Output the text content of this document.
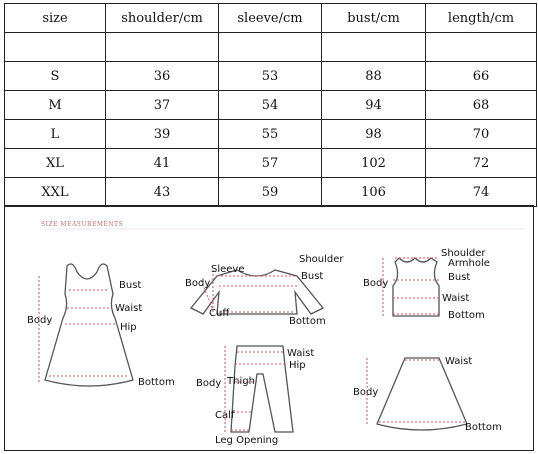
size	shoulder/cm	sleeve/cm	bust/cm	length/cm

S	36	53	88	66
M	37	54	94	68
L	39	55	98	70
XL	41	57	102	72
XXL	43	59	106	74
SIZE MEASUREMENTS
Bust
Waist
Hip
Body
Bottom
Sleeve
Shoulder
Bust
Body
Cuff
Bottom
Shoulder
Armhole
Bust
Body
Waist
Bottom
Waist
Hip
Body Thigh
Calf
Leg Opening
Waist
Body
Bottom
